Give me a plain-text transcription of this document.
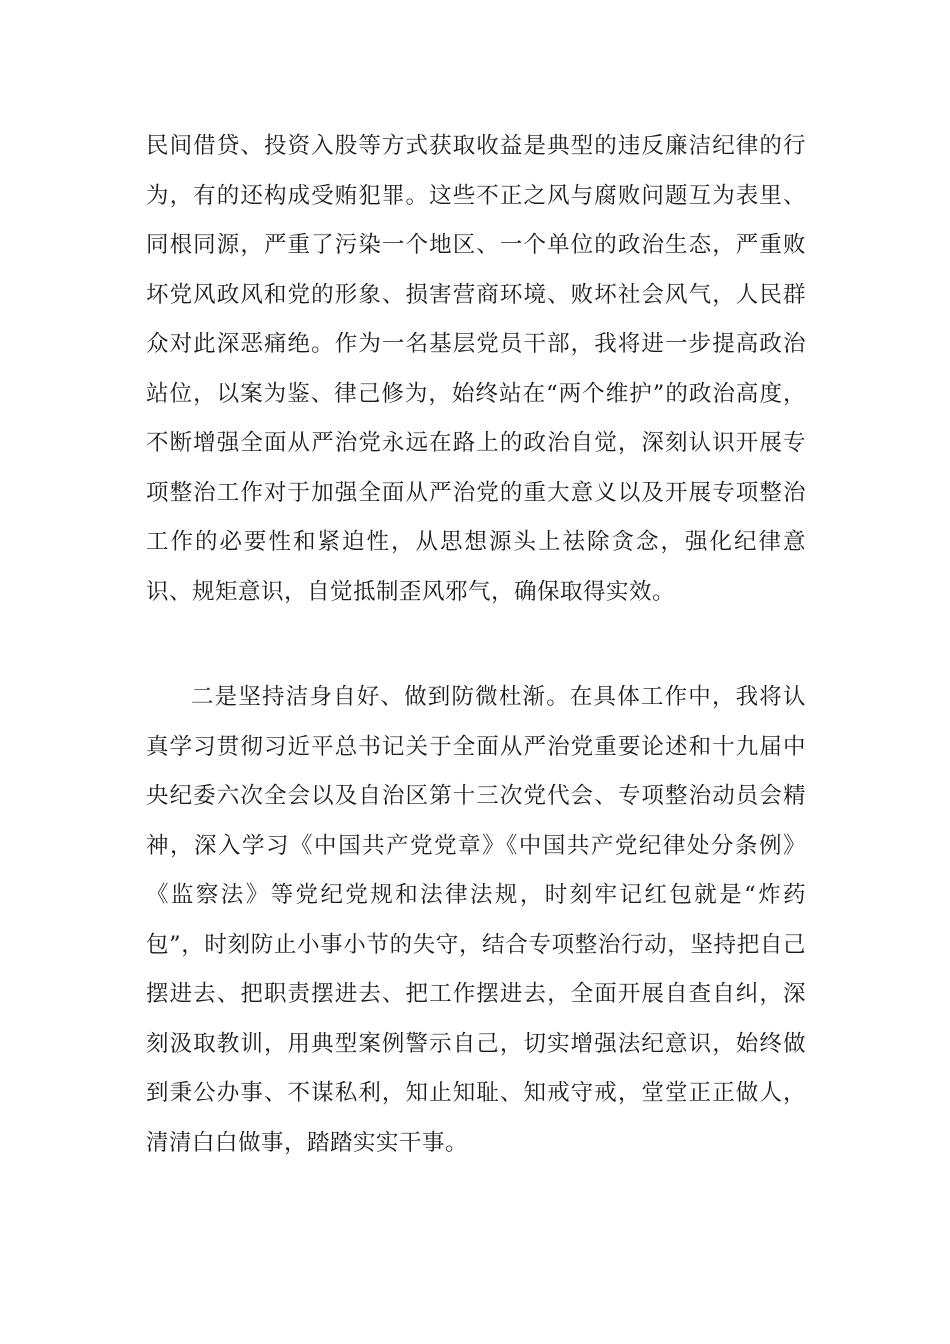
民间借贷、投资入股等方式获取收益是典型的违反廉洁纪律的行为，有的还构成受贿犯罪。这些不正之风与腐败问题互为表里、同根同源，严重了污染一个地区、一个单位的政治生态，严重败坏党风政风和党的形象、损害营商环境、败坏社会风气，人民群众对此深恶痛绝。作为一名基层党员干部，我将进一步提高政治站位，以案为鉴、律己修为，始终站在“两个维护”的政治高度，不断增强全面从严治党永远在路上的政治自觉，深刻认识开展专项整治工作对于加强全面从严治党的重大意义以及开展专项整治工作的必要性和紧迫性，从思想源头上祛除贪念，强化纪律意识、规矩意识，自觉抵制歪风邪气，确保取得实效。

二是坚持洁身自好、做到防微杜渐。在具体工作中，我将认真学习贯彻习近平总书记关于全面从严治党重要论述和十九届中央纪委六次全会以及自治区第十三次党代会、专项整治动员会精神，深入学习《中国共产党党章》《中国共产党纪律处分条例》《监察法》等党纪党规和法律法规，时刻牢记红包就是“炸药包”，时刻防止小事小节的失守，结合专项整治行动，坚持把自己摆进去、把职责摆进去、把工作摆进去，全面开展自查自纠，深刻汲取教训，用典型案例警示自己，切实增强法纪意识，始终做到秉公办事、不谋私利，知止知耻、知戒守戒，堂堂正正做人，清清白白做事，踏踏实实干事。
